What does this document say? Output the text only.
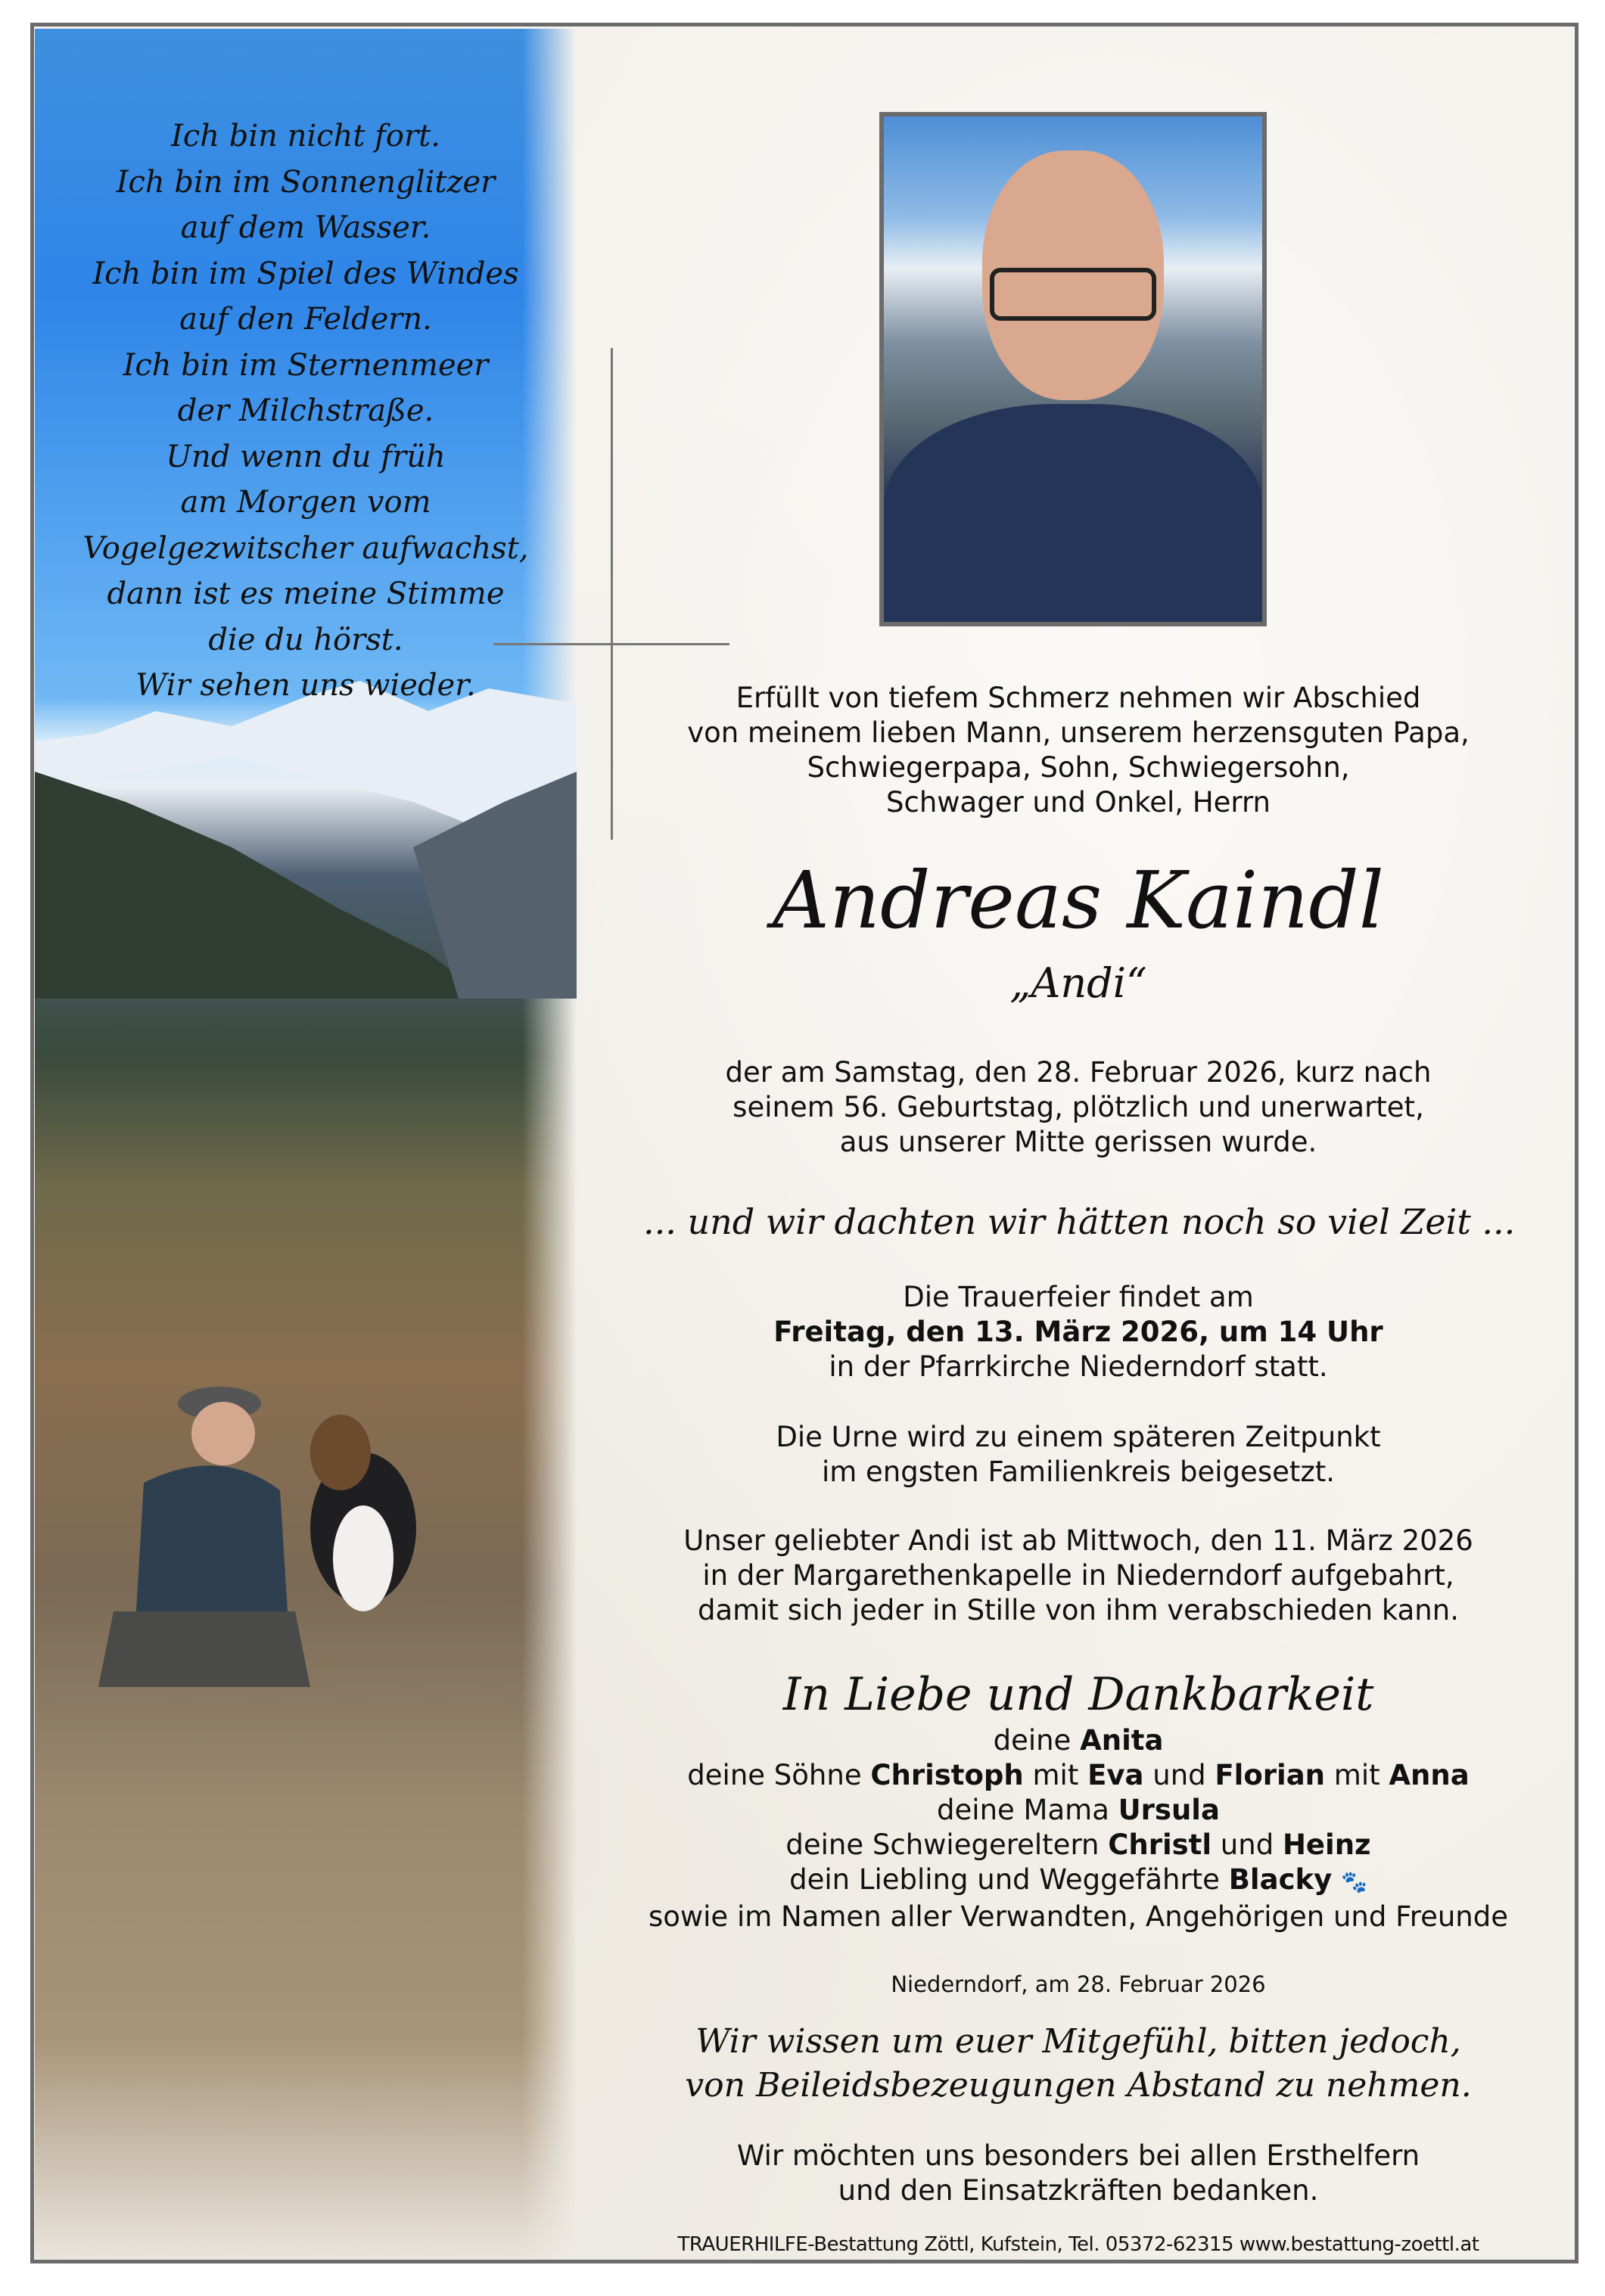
Ich bin nicht fort.
Ich bin im Sonnenglitzer
auf dem Wasser.
Ich bin im Spiel des Windes
auf den Feldern.
Ich bin im Sternenmeer
der Milchstraße.
Und wenn du früh
am Morgen vom
Vogelgezwitscher aufwachst,
dann ist es meine Stimme
die du hörst.
Wir sehen uns wieder.	Erfüllt von tiefem Schmerz nehmen wir Abschied
von meinem lieben Mann, unserem herzensguten Papa,
Schwiegerpapa, Sohn, Schwiegersohn,
Schwager und Onkel, Herrn
Andreas Kaindl
„Andi“
der am Samstag, den 28. Februar 2026, kurz nach
seinem 56. Geburtstag, plötzlich und unerwartet,
aus unserer Mitte gerissen wurde.
... und wir dachten wir hätten noch so viel Zeit ...
Die Trauerfeier findet am
Freitag, den 13. März 2026, um 14 Uhr
in der Pfarrkirche Niederndorf statt.
Die Urne wird zu einem späteren Zeitpunkt
im engsten Familienkreis beigesetzt.
Unser geliebter Andi ist ab Mittwoch, den 11. März 2026
in der Margarethenkapelle in Niederndorf aufgebahrt,
damit sich jeder in Stille von ihm verabschieden kann.
In Liebe und Dankbarkeit
deine Anita
deine Söhne Christoph mit Eva und Florian mit Anna
deine Mama Ursula
deine Schwiegereltern Christl und Heinz
dein Liebling und Weggefährte Blacky 🐾
sowie im Namen aller Verwandten, Angehörigen und Freunde
Niederndorf, am 28. Februar 2026
Wir wissen um euer Mitgefühl, bitten jedoch,
von Beileidsbezeugungen Abstand zu nehmen.
Wir möchten uns besonders bei allen Ersthelfern
und den Einsatzkräften bedanken.
TRAUERHILFE-Bestattung Zöttl, Kufstein, Tel. 05372-62315 www.bestattung-zoettl.at
